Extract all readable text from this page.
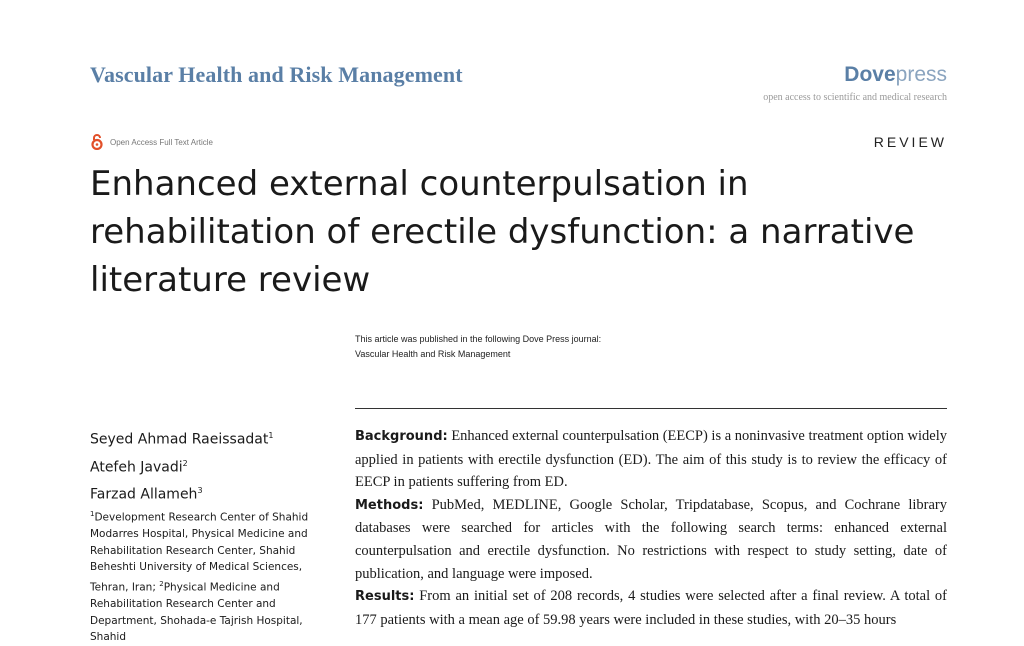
Vascular Health and Risk Management	Dovepress
open access to scientific and medical research
Open Access Full Text Article	REVIEW
Enhanced external counterpulsation in rehabilitation of erectile dysfunction: a narrative literature review
This article was published in the following Dove Press journal:
Vascular Health and Risk Management
Seyed Ahmad Raeissadat$^1$
Atefeh Javadi$^2$
Farzad Allameh$^3$
$^1$Development Research Center of Shahid Modarres Hospital, Physical Medicine and Rehabilitation Research Center, Shahid Beheshti University of Medical Sciences, Tehran, Iran; $^2$Physical Medicine and Rehabilitation Research Center and Department, Shohada-e Tajrish Hospital, Shahid

Background: Enhanced external counterpulsation (EECP) is a noninvasive treatment option widely applied in patients with erectile dysfunction (ED). The aim of this study is to review the efficacy of EECP in patients suffering from ED.

Methods: PubMed, MEDLINE, Google Scholar, Tripdatabase, Scopus, and Cochrane library databases were searched for articles with the following search terms: enhanced external counterpulsation and erectile dysfunction. No restrictions with respect to study setting, date of publication, and language were imposed.

Results: From an initial set of 208 records, 4 studies were selected after a final review. A total of 177 patients with a mean age of 59.98 years were included in these studies, with 20–35 hours
